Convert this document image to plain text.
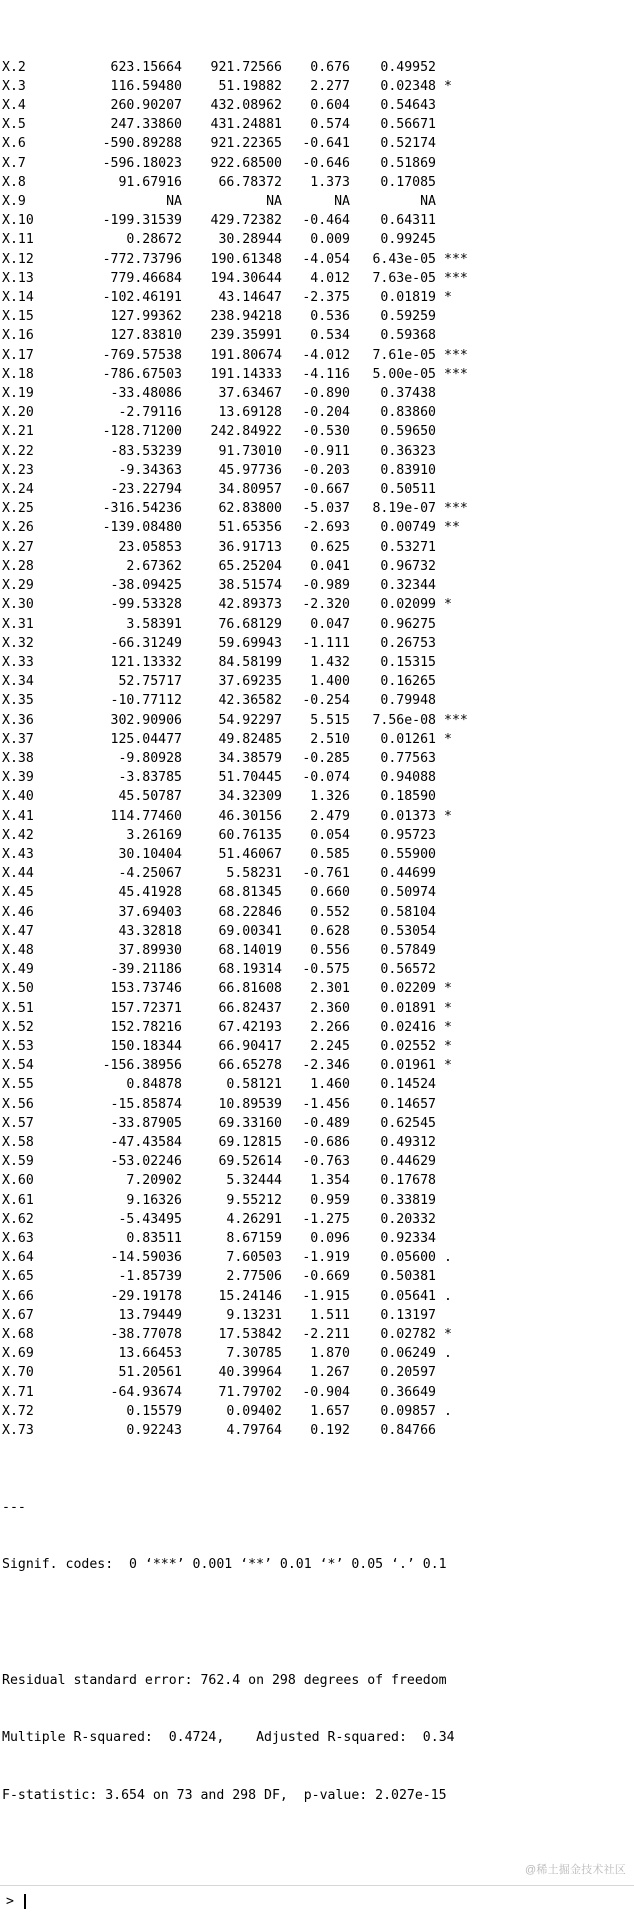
X.2	623.15664	921.72566	0.676	0.49952	
X.3	116.59480	51.19882	2.277	0.02348	*
X.4	260.90207	432.08962	0.604	0.54643	
X.5	247.33860	431.24881	0.574	0.56671	
X.6	-590.89288	921.22365	-0.641	0.52174	
X.7	-596.18023	922.68500	-0.646	0.51869	
X.8	91.67916	66.78372	1.373	0.17085	
X.9	NA	NA	NA	NA	
X.10	-199.31539	429.72382	-0.464	0.64311	
X.11	0.28672	30.28944	0.009	0.99245	
X.12	-772.73796	190.61348	-4.054	6.43e-05	***
X.13	779.46684	194.30644	4.012	7.63e-05	***
X.14	-102.46191	43.14647	-2.375	0.01819	*
X.15	127.99362	238.94218	0.536	0.59259	
X.16	127.83810	239.35991	0.534	0.59368	
X.17	-769.57538	191.80674	-4.012	7.61e-05	***
X.18	-786.67503	191.14333	-4.116	5.00e-05	***
X.19	-33.48086	37.63467	-0.890	0.37438	
X.20	-2.79116	13.69128	-0.204	0.83860	
X.21	-128.71200	242.84922	-0.530	0.59650	
X.22	-83.53239	91.73010	-0.911	0.36323	
X.23	-9.34363	45.97736	-0.203	0.83910	
X.24	-23.22794	34.80957	-0.667	0.50511	
X.25	-316.54236	62.83800	-5.037	8.19e-07	***
X.26	-139.08480	51.65356	-2.693	0.00749	**
X.27	23.05853	36.91713	0.625	0.53271	
X.28	2.67362	65.25204	0.041	0.96732	
X.29	-38.09425	38.51574	-0.989	0.32344	
X.30	-99.53328	42.89373	-2.320	0.02099	*
X.31	3.58391	76.68129	0.047	0.96275	
X.32	-66.31249	59.69943	-1.111	0.26753	
X.33	121.13332	84.58199	1.432	0.15315	
X.34	52.75717	37.69235	1.400	0.16265	
X.35	-10.77112	42.36582	-0.254	0.79948	
X.36	302.90906	54.92297	5.515	7.56e-08	***
X.37	125.04477	49.82485	2.510	0.01261	*
X.38	-9.80928	34.38579	-0.285	0.77563	
X.39	-3.83785	51.70445	-0.074	0.94088	
X.40	45.50787	34.32309	1.326	0.18590	
X.41	114.77460	46.30156	2.479	0.01373	*
X.42	3.26169	60.76135	0.054	0.95723	
X.43	30.10404	51.46067	0.585	0.55900	
X.44	-4.25067	5.58231	-0.761	0.44699	
X.45	45.41928	68.81345	0.660	0.50974	
X.46	37.69403	68.22846	0.552	0.58104	
X.47	43.32818	69.00341	0.628	0.53054	
X.48	37.89930	68.14019	0.556	0.57849	
X.49	-39.21186	68.19314	-0.575	0.56572	
X.50	153.73746	66.81608	2.301	0.02209	*
X.51	157.72371	66.82437	2.360	0.01891	*
X.52	152.78216	67.42193	2.266	0.02416	*
X.53	150.18344	66.90417	2.245	0.02552	*
X.54	-156.38956	66.65278	-2.346	0.01961	*
X.55	0.84878	0.58121	1.460	0.14524	
X.56	-15.85874	10.89539	-1.456	0.14657	
X.57	-33.87905	69.33160	-0.489	0.62545	
X.58	-47.43584	69.12815	-0.686	0.49312	
X.59	-53.02246	69.52614	-0.763	0.44629	
X.60	7.20902	5.32444	1.354	0.17678	
X.61	9.16326	9.55212	0.959	0.33819	
X.62	-5.43495	4.26291	-1.275	0.20332	
X.63	0.83511	8.67159	0.096	0.92334	
X.64	-14.59036	7.60503	-1.919	0.05600	.
X.65	-1.85739	2.77506	-0.669	0.50381	
X.66	-29.19178	15.24146	-1.915	0.05641	.
X.67	13.79449	9.13231	1.511	0.13197	
X.68	-38.77078	17.53842	-2.211	0.02782	*
X.69	13.66453	7.30785	1.870	0.06249	.
X.70	51.20561	40.39964	1.267	0.20597	
X.71	-64.93674	71.79702	-0.904	0.36649	
X.72	0.15579	0.09402	1.657	0.09857	.
X.73	0.92243	4.79764	0.192	0.84766	

---

Signif. codes:  0 ‘***’ 0.001 ‘**’ 0.01 ‘*’ 0.05 ‘.’ 0.1

Residual standard error: 762.4 on 298 degrees of freedom

Multiple R-squared:  0.4724,	Adjusted R-squared:  0.34

F-statistic: 3.654 on 73 and 298 DF,  p-value: 2.027e-15

@稀土掘金技术社区

>
